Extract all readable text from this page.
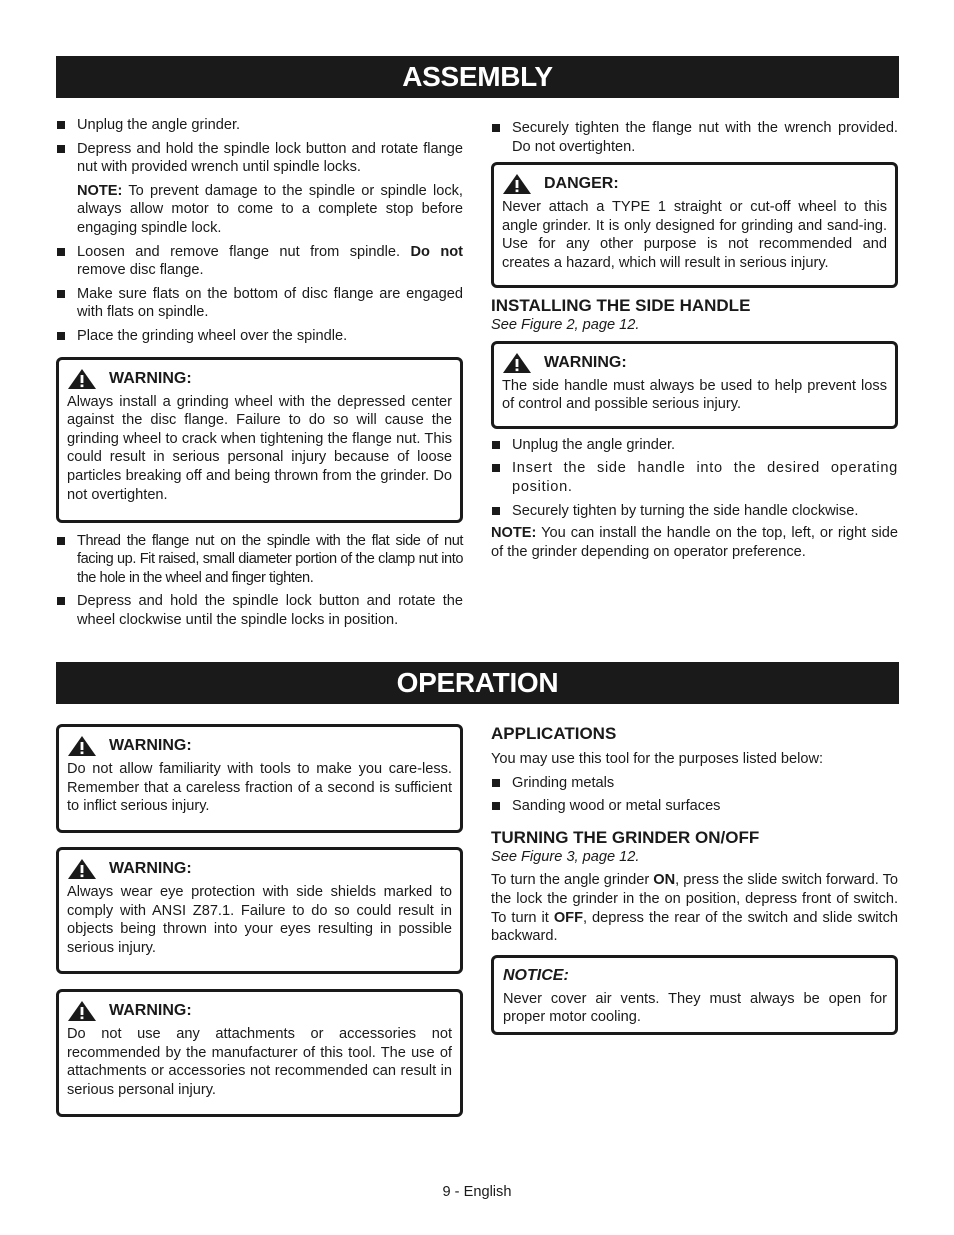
ASSEMBLY
Unplug the angle grinder.
Depress and hold the spindle lock button and rotate flange nut with provided wrench until spindle locks.

NOTE: To prevent damage to the spindle or spindle lock, always allow motor to come to a complete stop before engaging spindle lock.

Loosen and remove flange nut from spindle. Do not remove disc flange.
Make sure flats on the bottom of disc flange are engaged with flats on spindle.
Place the grinding wheel over the spindle.
WARNING:

Always install a grinding wheel with the depressed center against the disc flange. Failure to do so will cause the grinding wheel to crack when tightening the flange nut. This could result in serious personal injury because of loose particles breaking off and being thrown from the grinder. Do not overtighten.

Thread the flange nut on the spindle with the flat side of nut facing up. Fit raised, small diameter portion of the clamp nut into the hole in the wheel and finger tighten.
Depress and hold the spindle lock button and rotate the wheel clockwise until the spindle locks in position.
Securely tighten the flange nut with the wrench provided. Do not overtighten.
DANGER:

Never attach a TYPE 1 straight or cut-off wheel to this angle grinder. It is only designed for grinding and sand-ing. Use for any other purpose is not recommended and creates a hazard, which will result in serious injury.

INSTALLING THE SIDE HANDLE

See Figure 2, page 12.

WARNING:

The side handle must always be used to help prevent loss of control and possible serious injury.

Unplug the angle grinder.
Insert the side handle into the desired operating position.
Securely tighten by turning the side handle clockwise.

NOTE: You can install the handle on the top, left, or right side of the grinder depending on operator preference.

OPERATION
WARNING:

Do not allow familiarity with tools to make you care-less. Remember that a careless fraction of a second is sufficient to inflict serious injury.

WARNING:

Always wear eye protection with side shields marked to comply with ANSI Z87.1. Failure to do so could result in objects being thrown into your eyes resulting in possible serious injury.

WARNING:

Do not use any attachments or accessories not recommended by the manufacturer of this tool. The use of attachments or accessories not recommended can result in serious personal injury.

APPLICATIONS

You may use this tool for the purposes listed below:

Grinding metals
Sanding wood or metal surfaces
TURNING THE GRINDER ON/OFF

See Figure 3, page 12.

To turn the angle grinder ON, press the slide switch forward. To the lock the grinder in the on position, depress front of switch. To turn it OFF, depress the rear of the switch and slide switch backward.

NOTICE:

Never cover air vents. They must always be open for proper motor cooling.

9 - English
